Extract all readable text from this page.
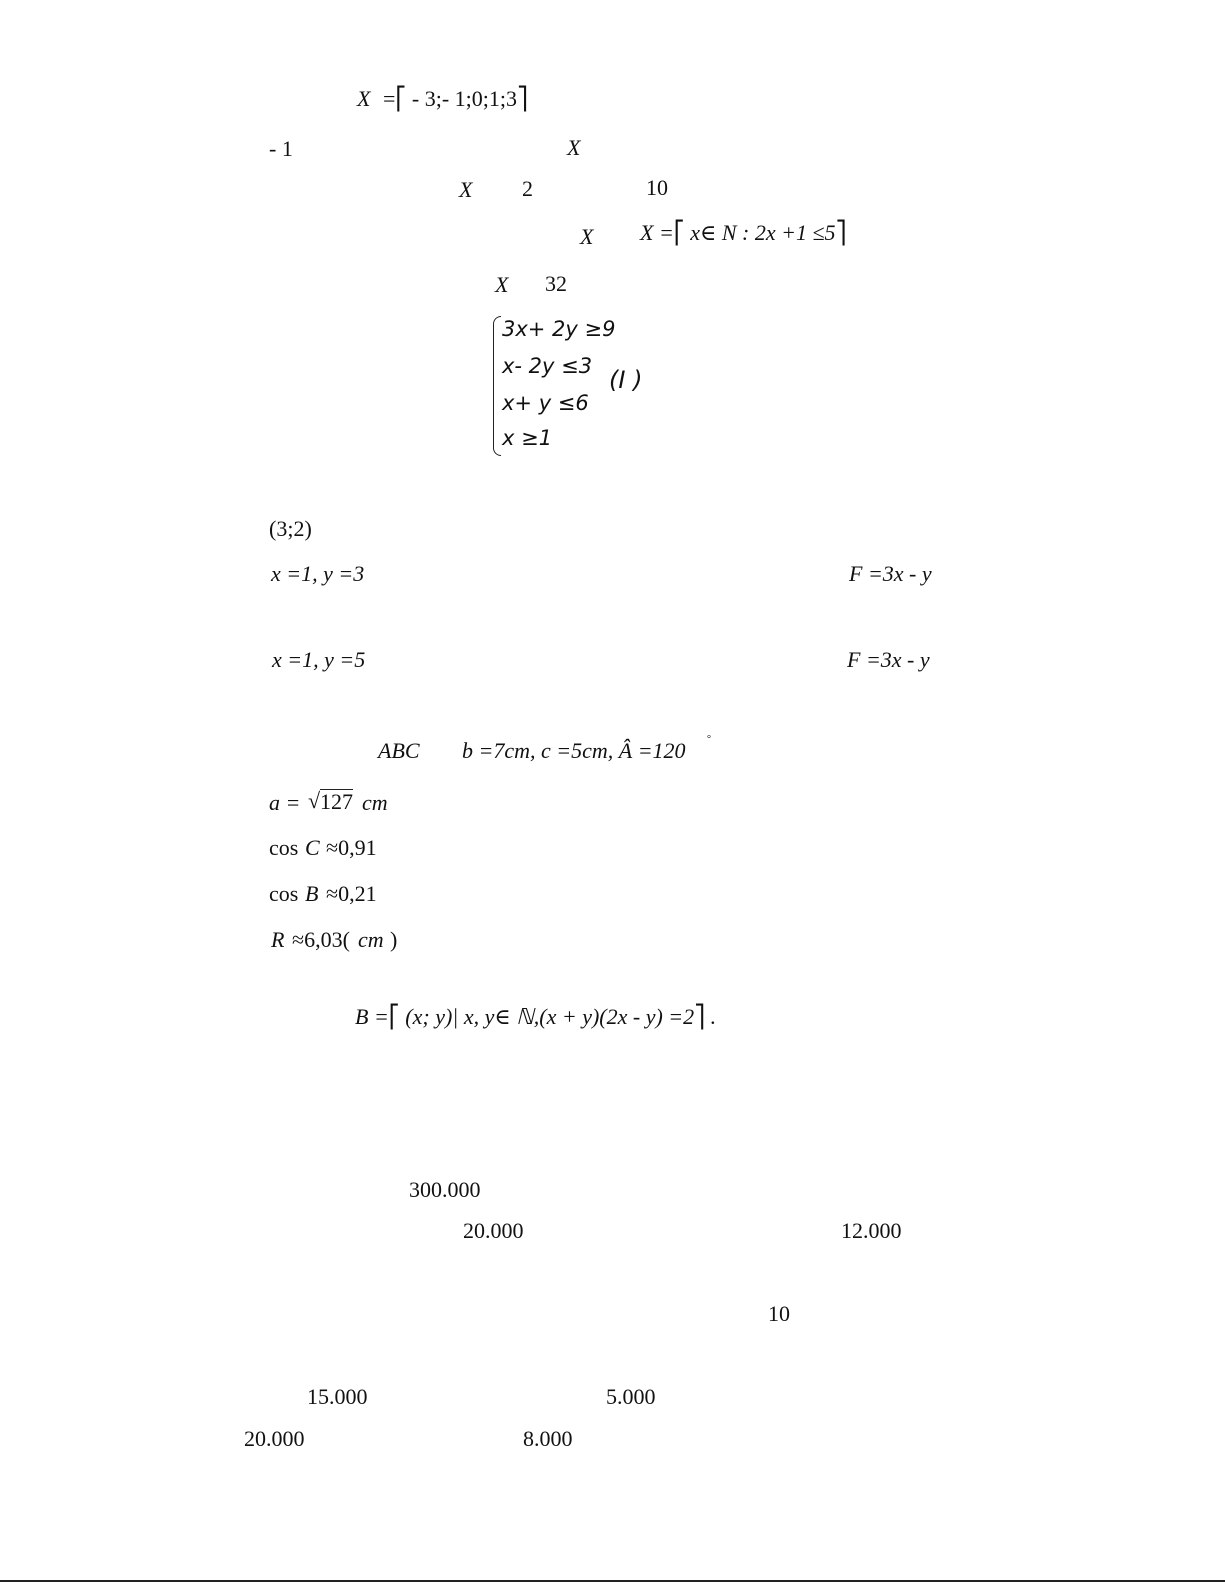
X =⎡ - 3;- 1;0;1;3⎤
- 1	X
X 2	10
X X =⎡ x∈ N : 2x +1 ≤5⎤
X 32
3x+ 2y ≥9
x- 2y ≤3
x+ y ≤6
x ≥1
(I )
(3;2)
x =1, y =3	F =3x - y
x =1, y =5	F =3x - y
ABC b =7cm, c =5cm, Â =120 °
a = √ 127 cm
cos C ≈0,91
cos B ≈0,21
R ≈6,03( cm )
B =⎡ (x; y)| x, y∈ ℕ,(x + y)(2x - y) =2⎤ .
300.000
20.000	12.000
10
15.000	5.000
20.000	8.000
